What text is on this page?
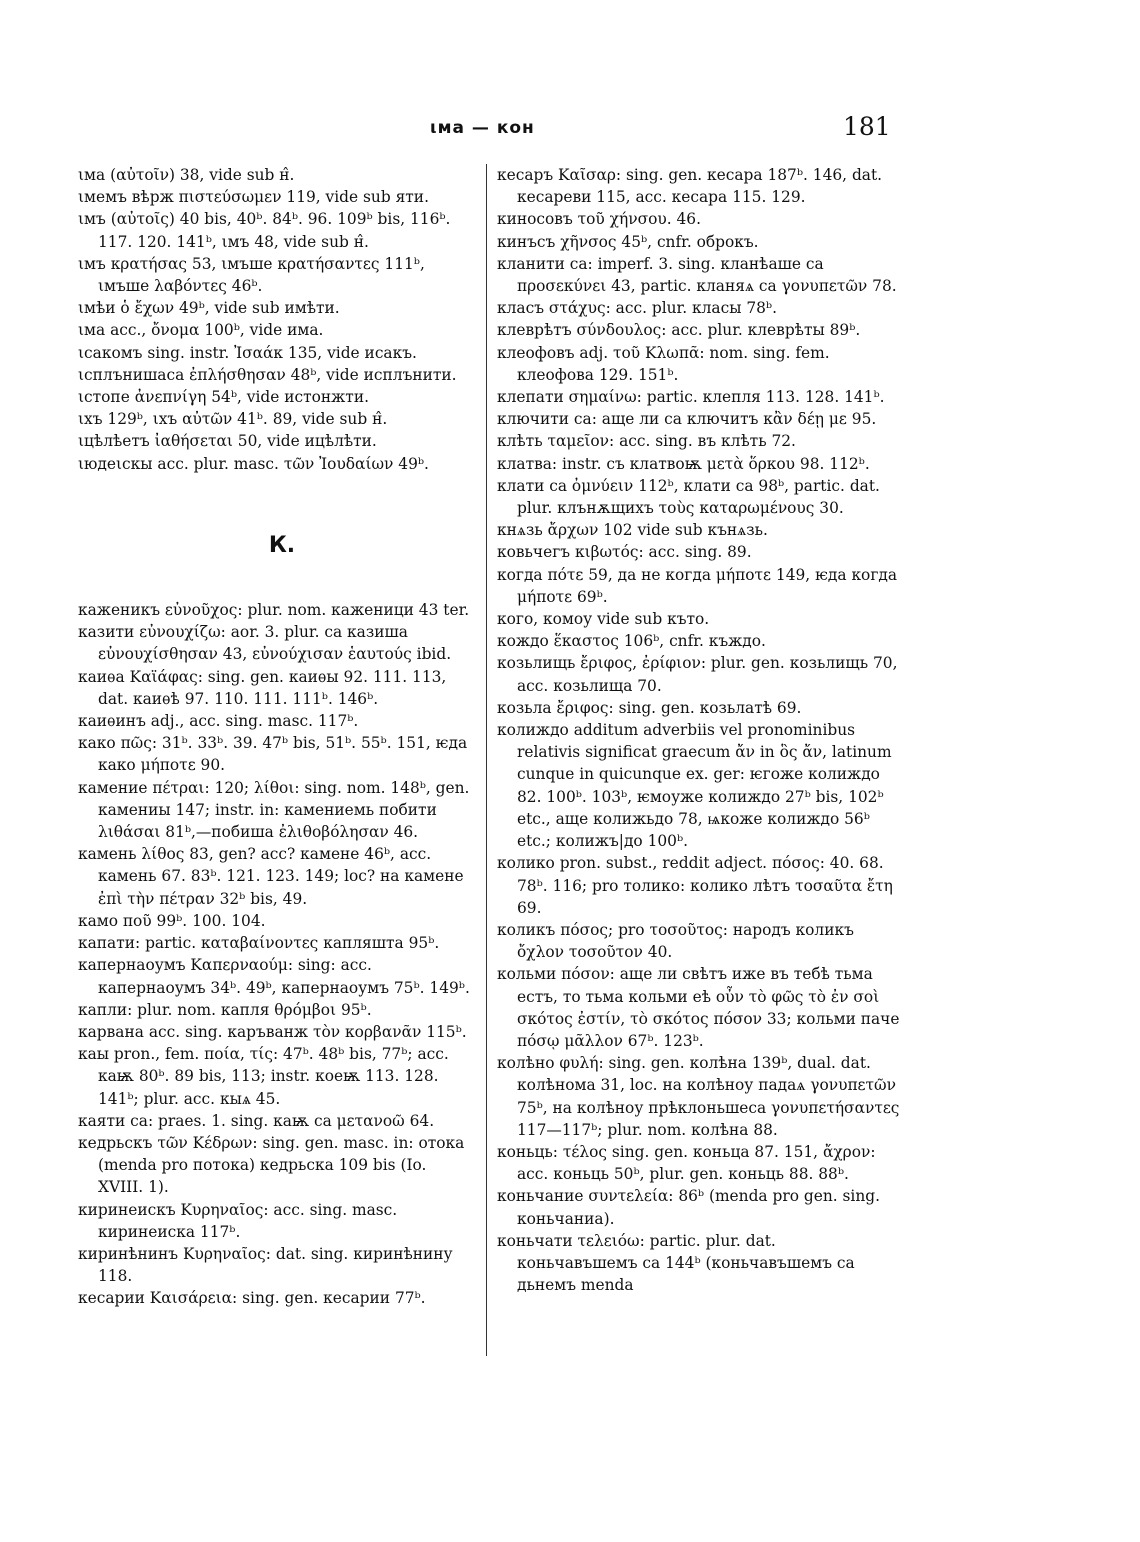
ιмa — кон	181

ιмa (αὐτοῖν) 38, vide sub н̂.

ιмeмъ вѣpж πιστεύσωμεν 119, vide sub яти.

ιмъ (αὐτοῖς) 40 bis, 40ᵇ. 84ᵇ. 96. 109ᵇ bis, 116ᵇ. 117. 120. 141ᵇ, ιмъ 48, vide sub н̂.

ιмъ κρατήσας 53, ιмъше κρατήσαντες 111ᵇ, ιмъше λαβόντες 46ᵇ.

ιмѣи ὁ ἔχων 49ᵇ, vide sub имѣти.

ιмa acc., ὄνομα 100ᵇ, vide имa.

ιсaкомъ sing. instr. Ἰσαάκ 135, vide исaкъ.

ιсплънишaca ἐπλήσθησαν 48ᵇ, vide исплънити.

ιстопе ἀνεπνίγη 54ᵇ, vide истонжти.

ιхъ 129ᵇ, ιхъ αὐτῶν 41ᵇ. 89, vide sub н̂.

ιцѣлѣетъ ἰαθήσεται 50, vide ицѣлѣти.

ιюдеιскы acc. plur. masc. τῶν Ἰουδαίων 49ᵇ.

К.

каженикъ εὐνοῦχος: plur. nom. каженици 43 ter.

казити εὐνουχίζω: aor. 3. plur. са казишa εὐνουχίσθησαν 43, εὐνούχισαν ἑαυτούς ibid.

каиѳа Καϊάφας: sing. gen. каиѳы 92. 111. 113, dat. каиѳѣ 97. 110. 111. 111ᵇ. 146ᵇ.

каиѳинъ adj., acc. sing. masc. 117ᵇ.

како πῶς: 31ᵇ. 33ᵇ. 39. 47ᵇ bis, 51ᵇ. 55ᵇ. 151, ѥда како μήποτε 90.

камение πέτραι: 120; λίθοι: sing. nom. 148ᵇ, gen. камениы 147; instr. in: камениемь побити λιθάσαι 81ᵇ,—побишa ἐλιθοβόλησαν 46.

камень λίθος 83, gen? acc? камене 46ᵇ, acc. камень 67. 83ᵇ. 121. 123. 149; loc? на камене ἐπὶ τὴν πέτραν 32ᵇ bis, 49.

камо ποῦ 99ᵇ. 100. 104.

капати: partic. καταβαίνοντες капляшта 95ᵇ.

капернаоумъ Καπερναούμ: sing: acc. капернаоумъ 34ᵇ. 49ᵇ, капернаоумъ 75ᵇ. 149ᵇ.

капли: plur. nom. капля θρόμβοι 95ᵇ.

карвана acc. sing. каръванж τὸν κορβανᾶν 115ᵇ.

каы pron., fem. ποία, τίς: 47ᵇ. 48ᵇ bis, 77ᵇ; acc. каѭ 80ᵇ. 89 bis, 113; instr. коеѭ 113. 128. 141ᵇ; plur. acc. кыѧ 45.

каяти са: praes. 1. sing. каѭ са μετανοῶ 64.

кедрьскъ τῶν Κέδρων: sing. gen. masc. in: отока (menda pro потока) кедрьска 109 bis (Io. XVIII. 1).

киринеискъ Κυρηναῖος: acc. sing. masc. киринеиска 117ᵇ.

киринѣнинъ Κυρηναῖος: dat. sing. киринѣнину 118.

кесарии Καισάρεια: sing. gen. кесарии 77ᵇ.

кесаръ Καῖσαρ: sing. gen. кесара 187ᵇ. 146, dat. кесареви 115, acc. кесара 115. 129.

киносовъ τοῦ χήνσου. 46.

кинъсъ χῆνσος 45ᵇ, cnfr. оброкъ.

кланити са: imperf. 3. sing. кланѣаше са προσεκύνει 43, partic. кланяѧ са γονυπετῶν 78.

класъ στάχυς: acc. plur. класы 78ᵇ.

клеврѣтъ σύνδουλος: acc. plur. клеврѣты 89ᵇ.

клеофовъ adj. τοῦ Κλωπᾶ: nom. sing. fem. клеофова 129. 151ᵇ.

клепати σημαίνω: partic. клепля 113. 128. 141ᵇ.

ключити са: аще ли са ключитъ κἂν δέῃ με 95.

клѣть ταμεῖον: acc. sing. въ клѣть 72.

клатва: instr. съ клатвоѭ μετὰ ὅρκου 98. 112ᵇ.

клати са ὀμνύειν 112ᵇ, клати са 98ᵇ, partic. dat. plur. клънѫщихъ τοὺς καταρωμένους 30.

кнѧзь ἄρχων 102 vide sub кънѧзь.

ковьчегъ κιβωτός: acc. sing. 89.

когда πότε 59, да не когда μήποτε 149, ѥда когда μήποτε 69ᵇ.

кого, комоу vide sub къто.

кождо ἕκαστος 106ᵇ, cnfr. къждо.

козьлищь ἔριφος, ἐρίφιον: plur. gen. козьлищь 70, acc. козьлища 70.

козьла ἔριφος: sing. gen. козьлатѣ 69.

колиждо additum adverbiis vel pronominibus relativis significat graecum ἄν in ὃς ἄν, latinum cunque in quicunque ex. ger: ѥгоже колиждо 82. 100ᵇ. 103ᵇ, ѥмоуже колиждо 27ᵇ bis, 102ᵇ etc., аще колижьдо 78, ѩкоже колиждо 56ᵇ etc.; колижъ|до 100ᵇ.

колико pron. subst., reddit adject. πόσος: 40. 68. 78ᵇ. 116; pro толико: колико лѣтъ τοσαῦτα ἔτη 69.

коликъ πόσος; pro τοσοῦτος: народъ коликъ ὄχλον τοσοῦτον 40.

кольми πόσον: аще ли свѣтъ иже въ тебѣ тьма естъ, то тьма кольми еѣ οὖν τὸ φῶς τὸ ἐν σοὶ σκότος ἐστίν, τὸ σκότος πόσον 33; кольми паче πόσῳ μᾶλλον 67ᵇ. 123ᵇ.

колѣно φυλή: sing. gen. колѣна 139ᵇ, dual. dat. колѣнома 31, loc. на колѣноу падаѧ γονυπετῶν 75ᵇ, на колѣноу прѣклоньшеса γονυπετήσαντες 117—117ᵇ; plur. nom. колѣна 88.

коньць: τέλος sing. gen. коньца 87. 151, ἄχρον: acc. коньць 50ᵇ, plur. gen. коньць 88. 88ᵇ.

коньчание συντελεία: 86ᵇ (menda pro gen. sing. коньчаниа).

коньчати τελειόω: partic. plur. dat. коньчавъшемъ са 144ᵇ (коньчавъшемъ са дьнемъ menda
